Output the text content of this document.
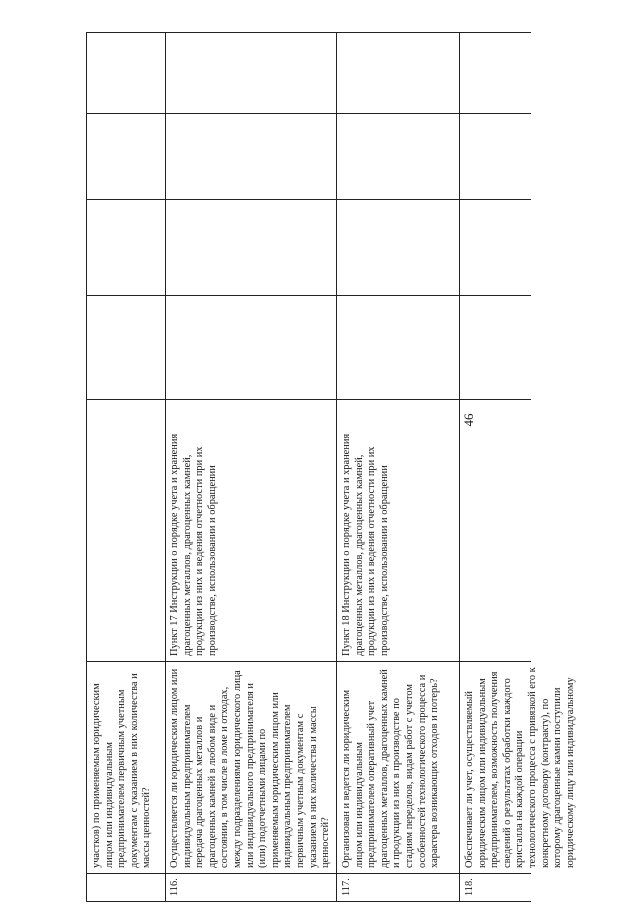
46
участков) по применяемым юридическим лицом или индивидуальным предпринимателем первичным учетным документам с указанием в них количества и массы ценностей?
116.
Осуществляется ли юридическим лицом или индивидуальным предпринимателем передача драгоценных металлов и драгоценных камней в любом виде и состоянии, в том числе в ломе и отходах, между подразделениями юридического лица или индивидуального предпринимателя и (или) подотчетными лицами по применяемым юридическим лицом или индивидуальным предпринимателем первичным учетным документам с указанием в них количества и массы ценностей?
Пункт 17 Инструкции о порядке учета и хранения драгоценных металлов, драгоценных камней, продукции из них и ведения отчетности при их производстве, использовании и обращении
117.
Организован и ведется ли юридическим лицом или индивидуальным предпринимателем оперативный учет драгоценных металлов, драгоценных камней и продукции из них в производстве по стадиям переделов, видам работ с учетом особенностей технологического процесса и характера возникающих отходов и потерь?
Пункт 18 Инструкции о порядке учета и хранения драгоценных металлов, драгоценных камней, продукции из них и ведения отчетности при их производстве, использовании и обращении
118.
Обеспечивает ли учет, осуществляемый юридическим лицом или индивидуальным предпринимателем, возможность получения сведений о результатах обработки каждого кристалла на каждой операции технологического процесса с привязкой его к конкретному договору (контракту), по которому драгоценные камни поступили юридическому лицу или индивидуальному
